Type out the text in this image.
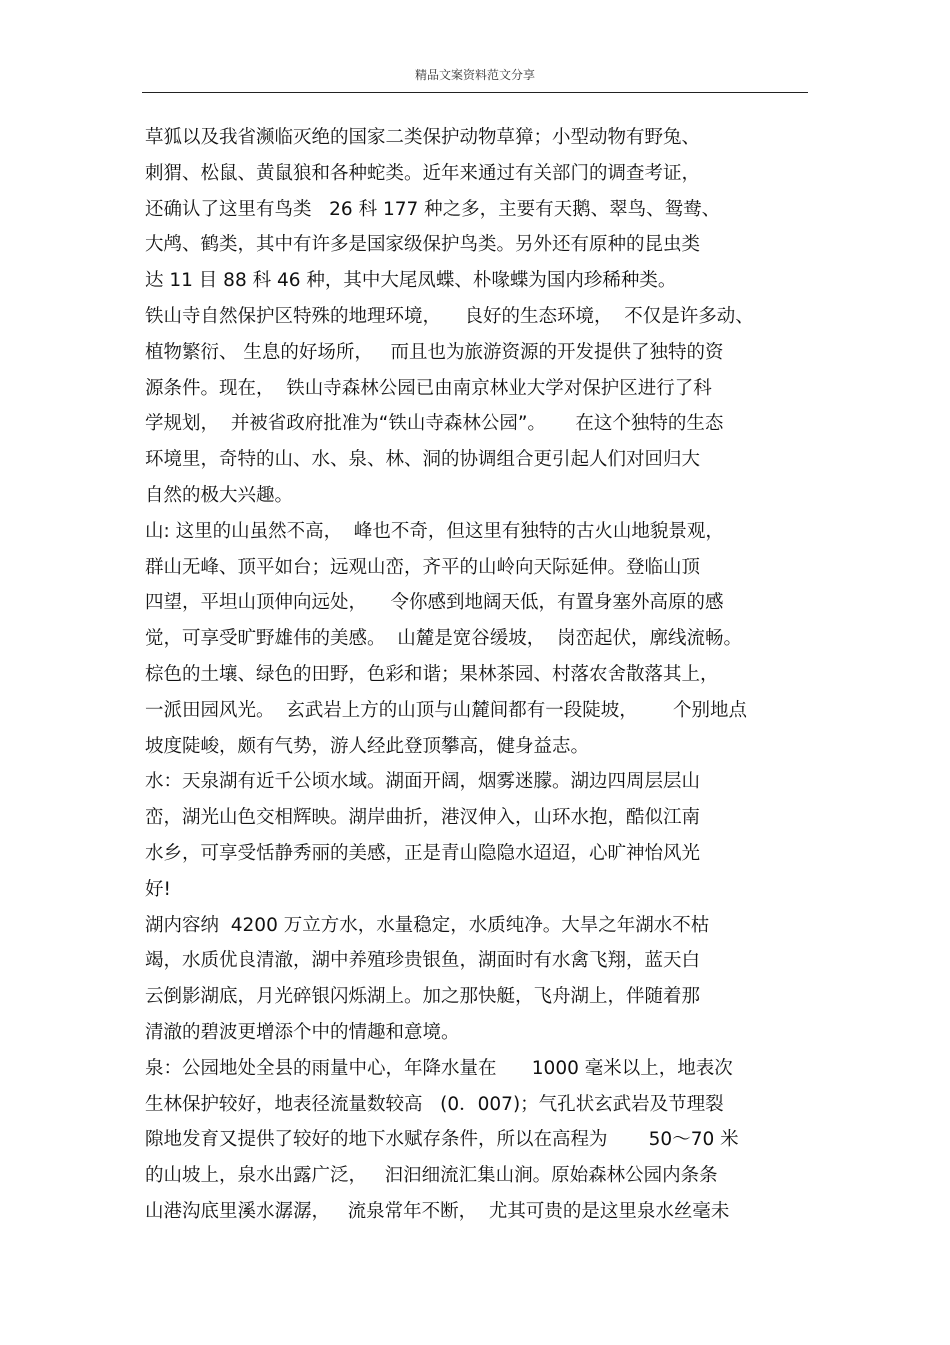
精品文案资料范文分享
草狐以及我省濒临灭绝的国家二类保护动物草獐；小型动物有野兔、
刺猬、松鼠、黄鼠狼和各种蛇类。近年来通过有关部门的调查考证，
还确认了这里有鸟类   26 科 177 种之多，主要有天鹅、翠鸟、鸳鸯、
大鸬、鹤类，其中有许多是国家级保护鸟类。另外还有原种的昆虫类
达 11 目 88 科 46 种，其中大尾凤蝶、朴喙蝶为国内珍稀种类。
铁山寺自然保护区特殊的地理环境，    良好的生态环境，  不仅是许多动、
植物繁衍、 生息的好场所，   而且也为旅游资源的开发提供了独特的资
源条件。现在，  铁山寺森林公园已由南京林业大学对保护区进行了科
学规划，  并被省政府批准为“铁山寺森林公园”。     在这个独特的生态
环境里，奇特的山、水、泉、林、洞的协调组合更引起人们对回归大
自然的极大兴趣。
山: 这里的山虽然不高，  峰也不奇，但这里有独特的古火山地貌景观，
群山无峰、顶平如台；远观山峦，齐平的山岭向天际延伸。登临山顶
四望，平坦山顶伸向远处，    令你感到地阔天低，有置身塞外高原的感
觉，可享受旷野雄伟的美感。  山麓是宽谷缓坡，  岗峦起伏，廓线流畅。
棕色的土壤、绿色的田野，色彩和谐；果林茶园、村落农舍散落其上，
一派田园风光。  玄武岩上方的山顶与山麓间都有一段陡坡，      个别地点
坡度陡峻，颇有气势，游人经此登顶攀高，健身益志。
水：天泉湖有近千公顷水域。湖面开阔，烟雾迷朦。湖边四周层层山
峦，湖光山色交相辉映。湖岸曲折，港汊伸入，山环水抱，酷似江南
水乡，可享受恬静秀丽的美感，正是青山隐隐水迢迢，心旷神怡风光
好!
湖内容纳  4200 万立方水，水量稳定，水质纯净。大旱之年湖水不枯
竭，水质优良清澈，湖中养殖珍贵银鱼，湖面时有水禽飞翔，蓝天白
云倒影湖底，月光碎银闪烁湖上。加之那快艇，飞舟湖上，伴随着那
清澈的碧波更增添个中的情趣和意境。
泉：公园地处全县的雨量中心，年降水量在      1000 毫米以上，地表次
生林保护较好，地表径流量数较高   (0．007)；气孔状玄武岩及节理裂
隙地发育又提供了较好的地下水赋存条件，所以在高程为       50～70 米
的山坡上，泉水出露广泛，   汩汩细流汇集山涧。原始森林公园内条条
山港沟底里溪水潺潺，   流泉常年不断，  尤其可贵的是这里泉水丝毫未
